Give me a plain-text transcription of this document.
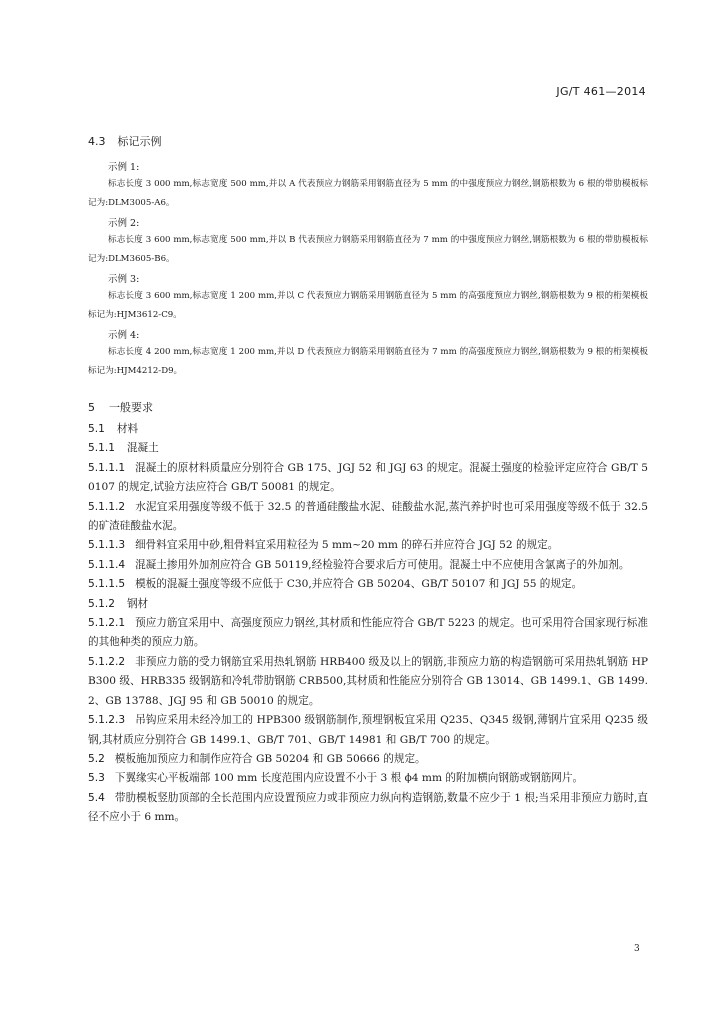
JG/T 461—2014
4.3 标记示例
示例 1:
标志长度 3 000 mm,标志宽度 500 mm,并以 A 代表预应力钢筋采用钢筋直径为 5 mm 的中强度预应力钢丝,钢筋根数为 6 根的带肋模板标记为:DLM3005-A6。
示例 2:
标志长度 3 600 mm,标志宽度 500 mm,并以 B 代表预应力钢筋采用钢筋直径为 7 mm 的中强度预应力钢丝,钢筋根数为 6 根的带肋模板标记为:DLM3605-B6。
示例 3:
标志长度 3 600 mm,标志宽度 1 200 mm,并以 C 代表预应力钢筋采用钢筋直径为 5 mm 的高强度预应力钢丝,钢筋根数为 9 根的桁架模板标记为:HJM3612-C9。
示例 4:
标志长度 4 200 mm,标志宽度 1 200 mm,并以 D 代表预应力钢筋采用钢筋直径为 7 mm 的高强度预应力钢丝,钢筋根数为 9 根的桁架模板标记为:HJM4212-D9。
5 一般要求
5.1 材料
5.1.1 混凝土
5.1.1.1 混凝土的原材料质量应分别符合 GB 175、JGJ 52 和 JGJ 63 的规定。混凝土强度的检验评定应符合 GB/T 50107 的规定,试验方法应符合 GB/T 50081 的规定。
5.1.1.2 水泥宜采用强度等级不低于 32.5 的普通硅酸盐水泥、硅酸盐水泥,蒸汽养护时也可采用强度等级不低于 32.5 的矿渣硅酸盐水泥。
5.1.1.3 细骨料宜采用中砂,粗骨料宜采用粒径为 5 mm~20 mm 的碎石并应符合 JGJ 52 的规定。
5.1.1.4 混凝土掺用外加剂应符合 GB 50119,经检验符合要求后方可使用。混凝土中不应使用含氯离子的外加剂。
5.1.1.5 模板的混凝土强度等级不应低于 C30,并应符合 GB 50204、GB/T 50107 和 JGJ 55 的规定。
5.1.2 钢材
5.1.2.1 预应力筋宜采用中、高强度预应力钢丝,其材质和性能应符合 GB/T 5223 的规定。也可采用符合国家现行标准的其他种类的预应力筋。
5.1.2.2 非预应力筋的受力钢筋宜采用热轧钢筋 HRB400 级及以上的钢筋,非预应力筋的构造钢筋可采用热轧钢筋 HPB300 级、HRB335 级钢筋和冷轧带肋钢筋 CRB500,其材质和性能应分别符合 GB 13014、GB 1499.1、GB 1499.2、GB 13788、JGJ 95 和 GB 50010 的规定。
5.1.2.3 吊钩应采用未经冷加工的 HPB300 级钢筋制作,预埋钢板宜采用 Q235、Q345 级钢,薄钢片宜采用 Q235 级钢,其材质应分别符合 GB 1499.1、GB/T 701、GB/T 14981 和 GB/T 700 的规定。
5.2 模板施加预应力和制作应符合 GB 50204 和 GB 50666 的规定。
5.3 下翼缘实心平板端部 100 mm 长度范围内应设置不小于 3 根 ϕ4 mm 的附加横向钢筋或钢筋网片。
5.4 带肋模板竖肋顶部的全长范围内应设置预应力或非预应力纵向构造钢筋,数量不应少于 1 根;当采用非预应力筋时,直径不应小于 6 mm。
3
